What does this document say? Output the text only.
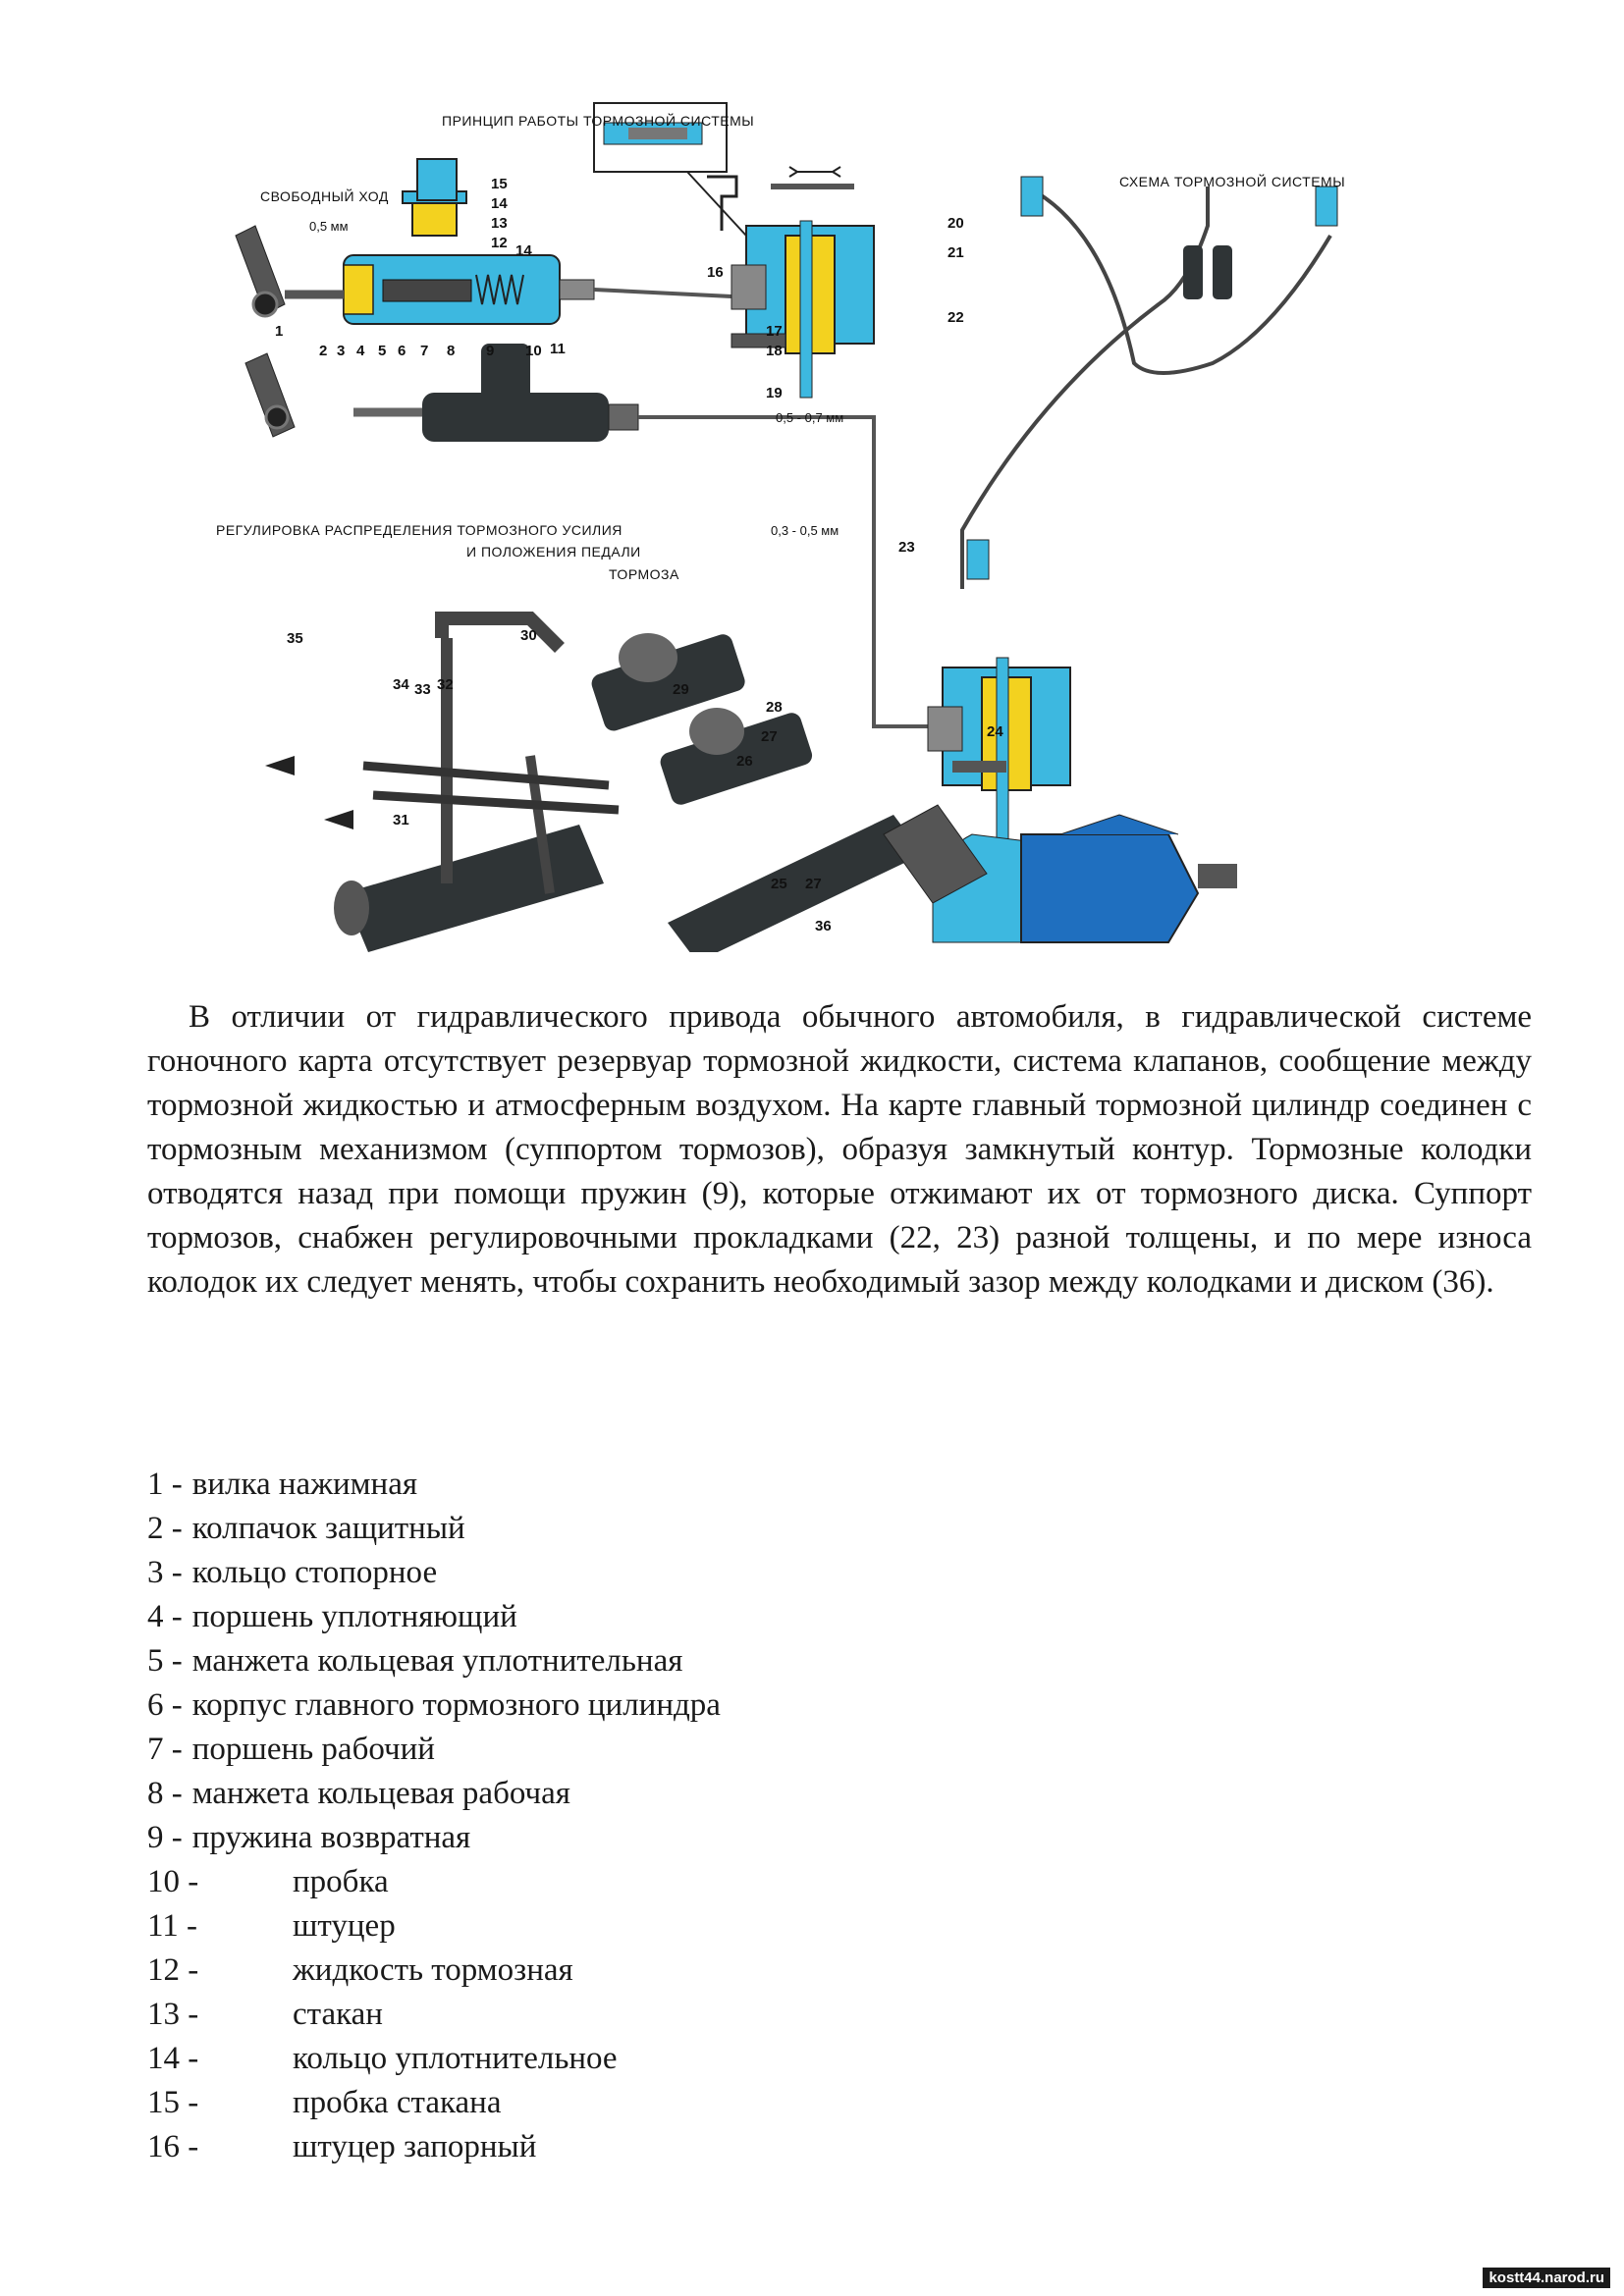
ПРИНЦИП РАБОТЫ ТОРМОЗНОЙ СИСТЕМЫ
СХЕМА ТОРМОЗНОЙ СИСТЕМЫ
СВОБОДНЫЙ ХОД
РЕГУЛИРОВКА РАСПРЕДЕЛЕНИЯ ТОРМОЗНОГО УСИЛИЯ
И ПОЛОЖЕНИЯ ПЕДАЛИ
ТОРМОЗА
0,5 мм
0,5 - 0,7 мм
0,3 - 0,5 мм
15
14
13
12 14
1
2 3 4 5 6 7 8 9 10 11
16
17
18
19
20
21
22
23
24
25
26
27
27
28
29
30
31
32
33
34
35
36

В отличии от гидравлического привода обычного автомобиля, в гидравлической системе гоночного карта отсутствует резервуар тормозной жидкости, система клапанов, сообщение между тормозной жидкостью и атмосферным воздухом. На карте главный тормозной цилиндр соединен с тормозным механизмом (суппортом тормозов), образуя замкнутый контур. Тормозные колодки отводятся назад при помощи пружин (9), которые отжимают их от тормозного диска. Суппорт тормозов, снабжен регулировочными прокладками (22, 23) разной толщены, и по мере износа колодок их следует менять, чтобы сохранить необходимый зазор между колодками и диском (36).

1 - вилка нажимная
2 - колпачок защитный
3 - кольцо стопорное
4 - поршень уплотняющий
5 - манжета кольцевая уплотнительная
6 - корпус главного тормозного цилиндра
7 - поршень рабочий
8 - манжета кольцевая рабочая
9 - пружина возвратная
10 -	пробка
11 -	штуцер
12 -	жидкость тормозная
13 -	стакан
14 -	кольцо уплотнительное
15 -	пробка стакана
16 -	штуцер запорный
kostt44.narod.ru
